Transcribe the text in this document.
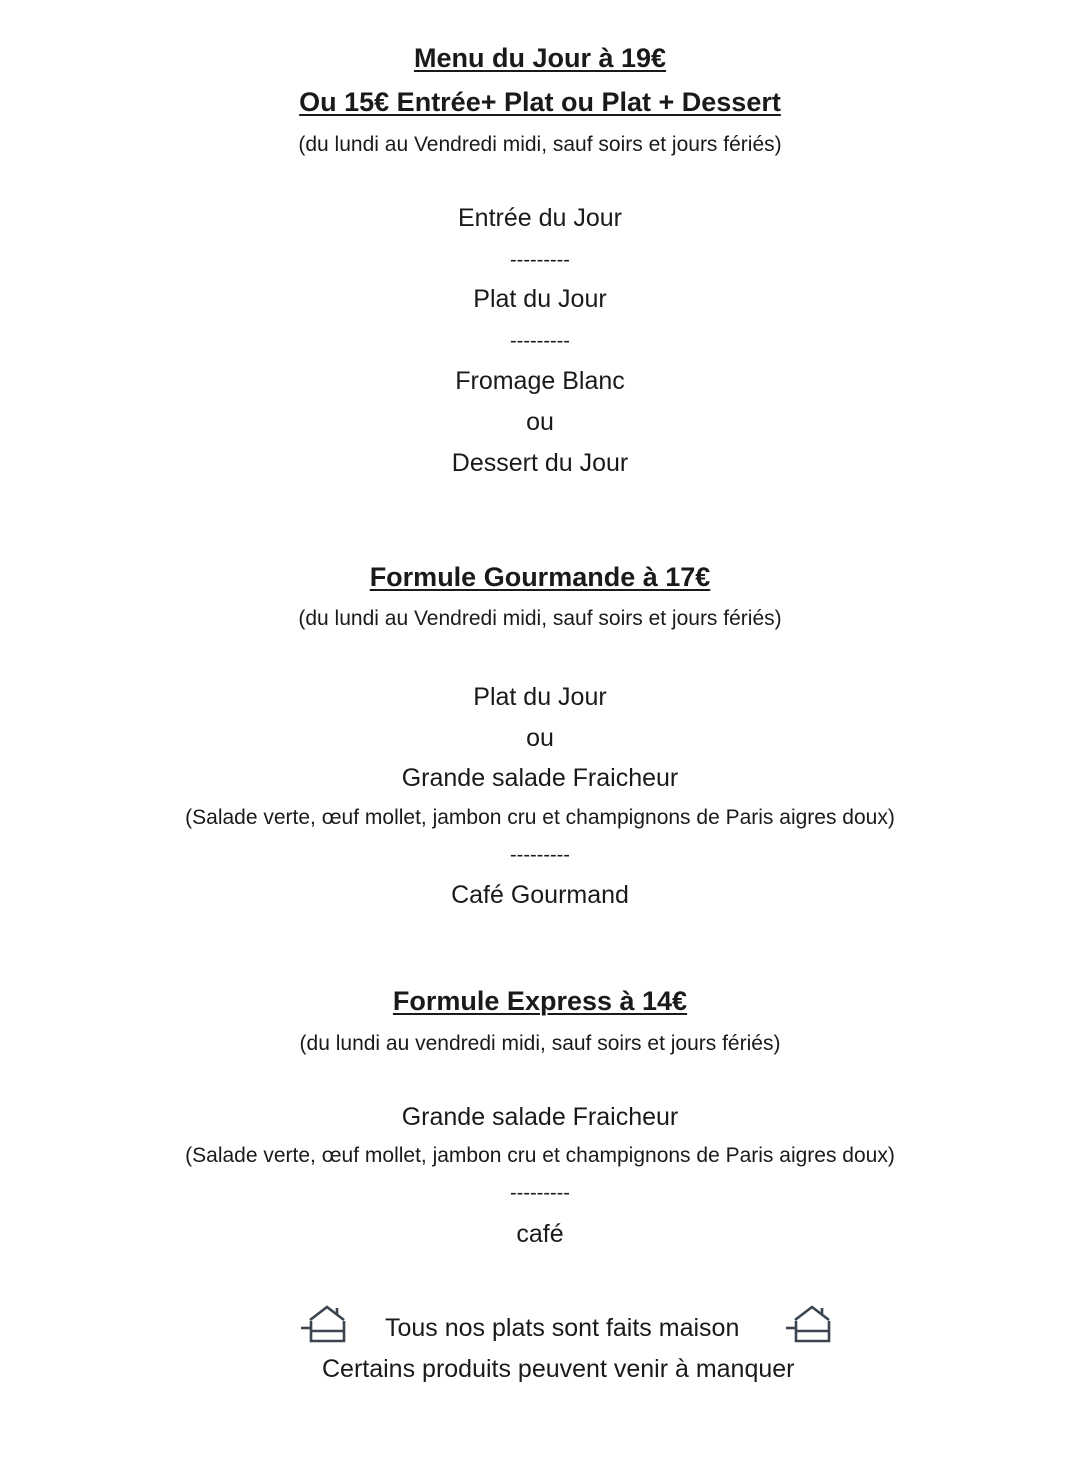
Menu du Jour à 19€
Ou 15€ Entrée+ Plat ou Plat + Dessert
(du lundi au Vendredi midi, sauf soirs et jours fériés)
Entrée du Jour
---------
Plat du Jour
---------
Fromage Blanc
ou
Dessert du Jour
Formule Gourmande à 17€
(du lundi au Vendredi midi, sauf soirs et jours fériés)
Plat du Jour
ou
Grande salade Fraicheur
(Salade verte, œuf mollet, jambon cru et champignons de Paris aigres doux)
---------
Café Gourmand
Formule Express à 14€
(du lundi au vendredi midi, sauf soirs et jours fériés)
Grande salade Fraicheur
(Salade verte, œuf mollet, jambon cru et champignons de Paris aigres doux)
---------
café
Tous nos plats sont faits maison
Certains produits peuvent venir à manquer
